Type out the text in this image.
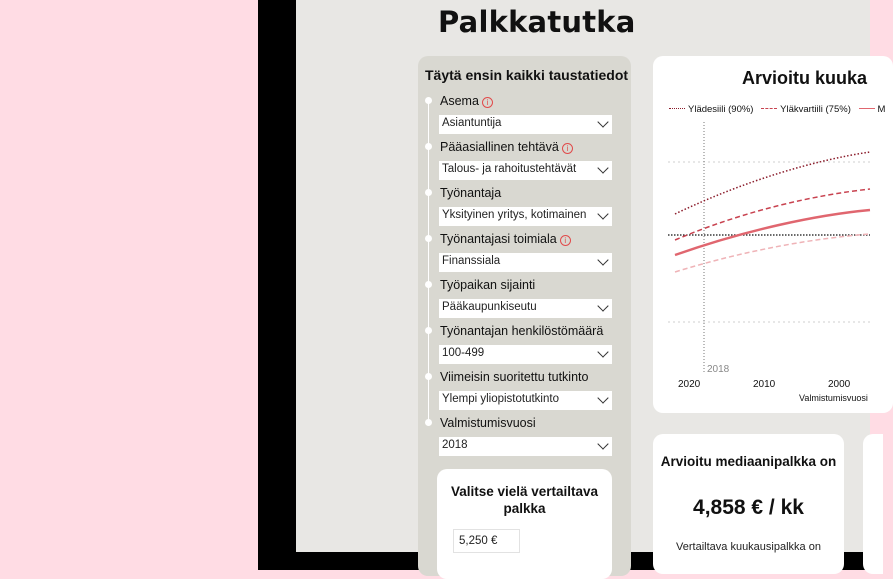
Palkkatutka
Täytä ensin kaikki taustatiedot
Asema i
Asiantuntija
Pääasiallinen tehtävä i
Talous- ja rahoitustehtävät
Työnantaja
Yksityinen yritys, kotimainen
Työnantajasi toimiala i
Finanssiala
Työpaikan sijainti
Pääkaupunkiseutu
Työnantajan henkilöstömäärä
100-499
Viimeisin suoritettu tutkinto
Ylempi yliopistotutkinto
Valmistumisvuosi
2018
Valitse vielä vertailtava palkka
5,250 €
Arvioitu kuuka
Ylädesiili (90%)	Yläkvartiili (75%)	M
2018
2020	2010	2000
Valmistumisvuosi
Arvioitu mediaanipalkka on
4,858 € / kk
Vertailtava kuukausipalkka on
